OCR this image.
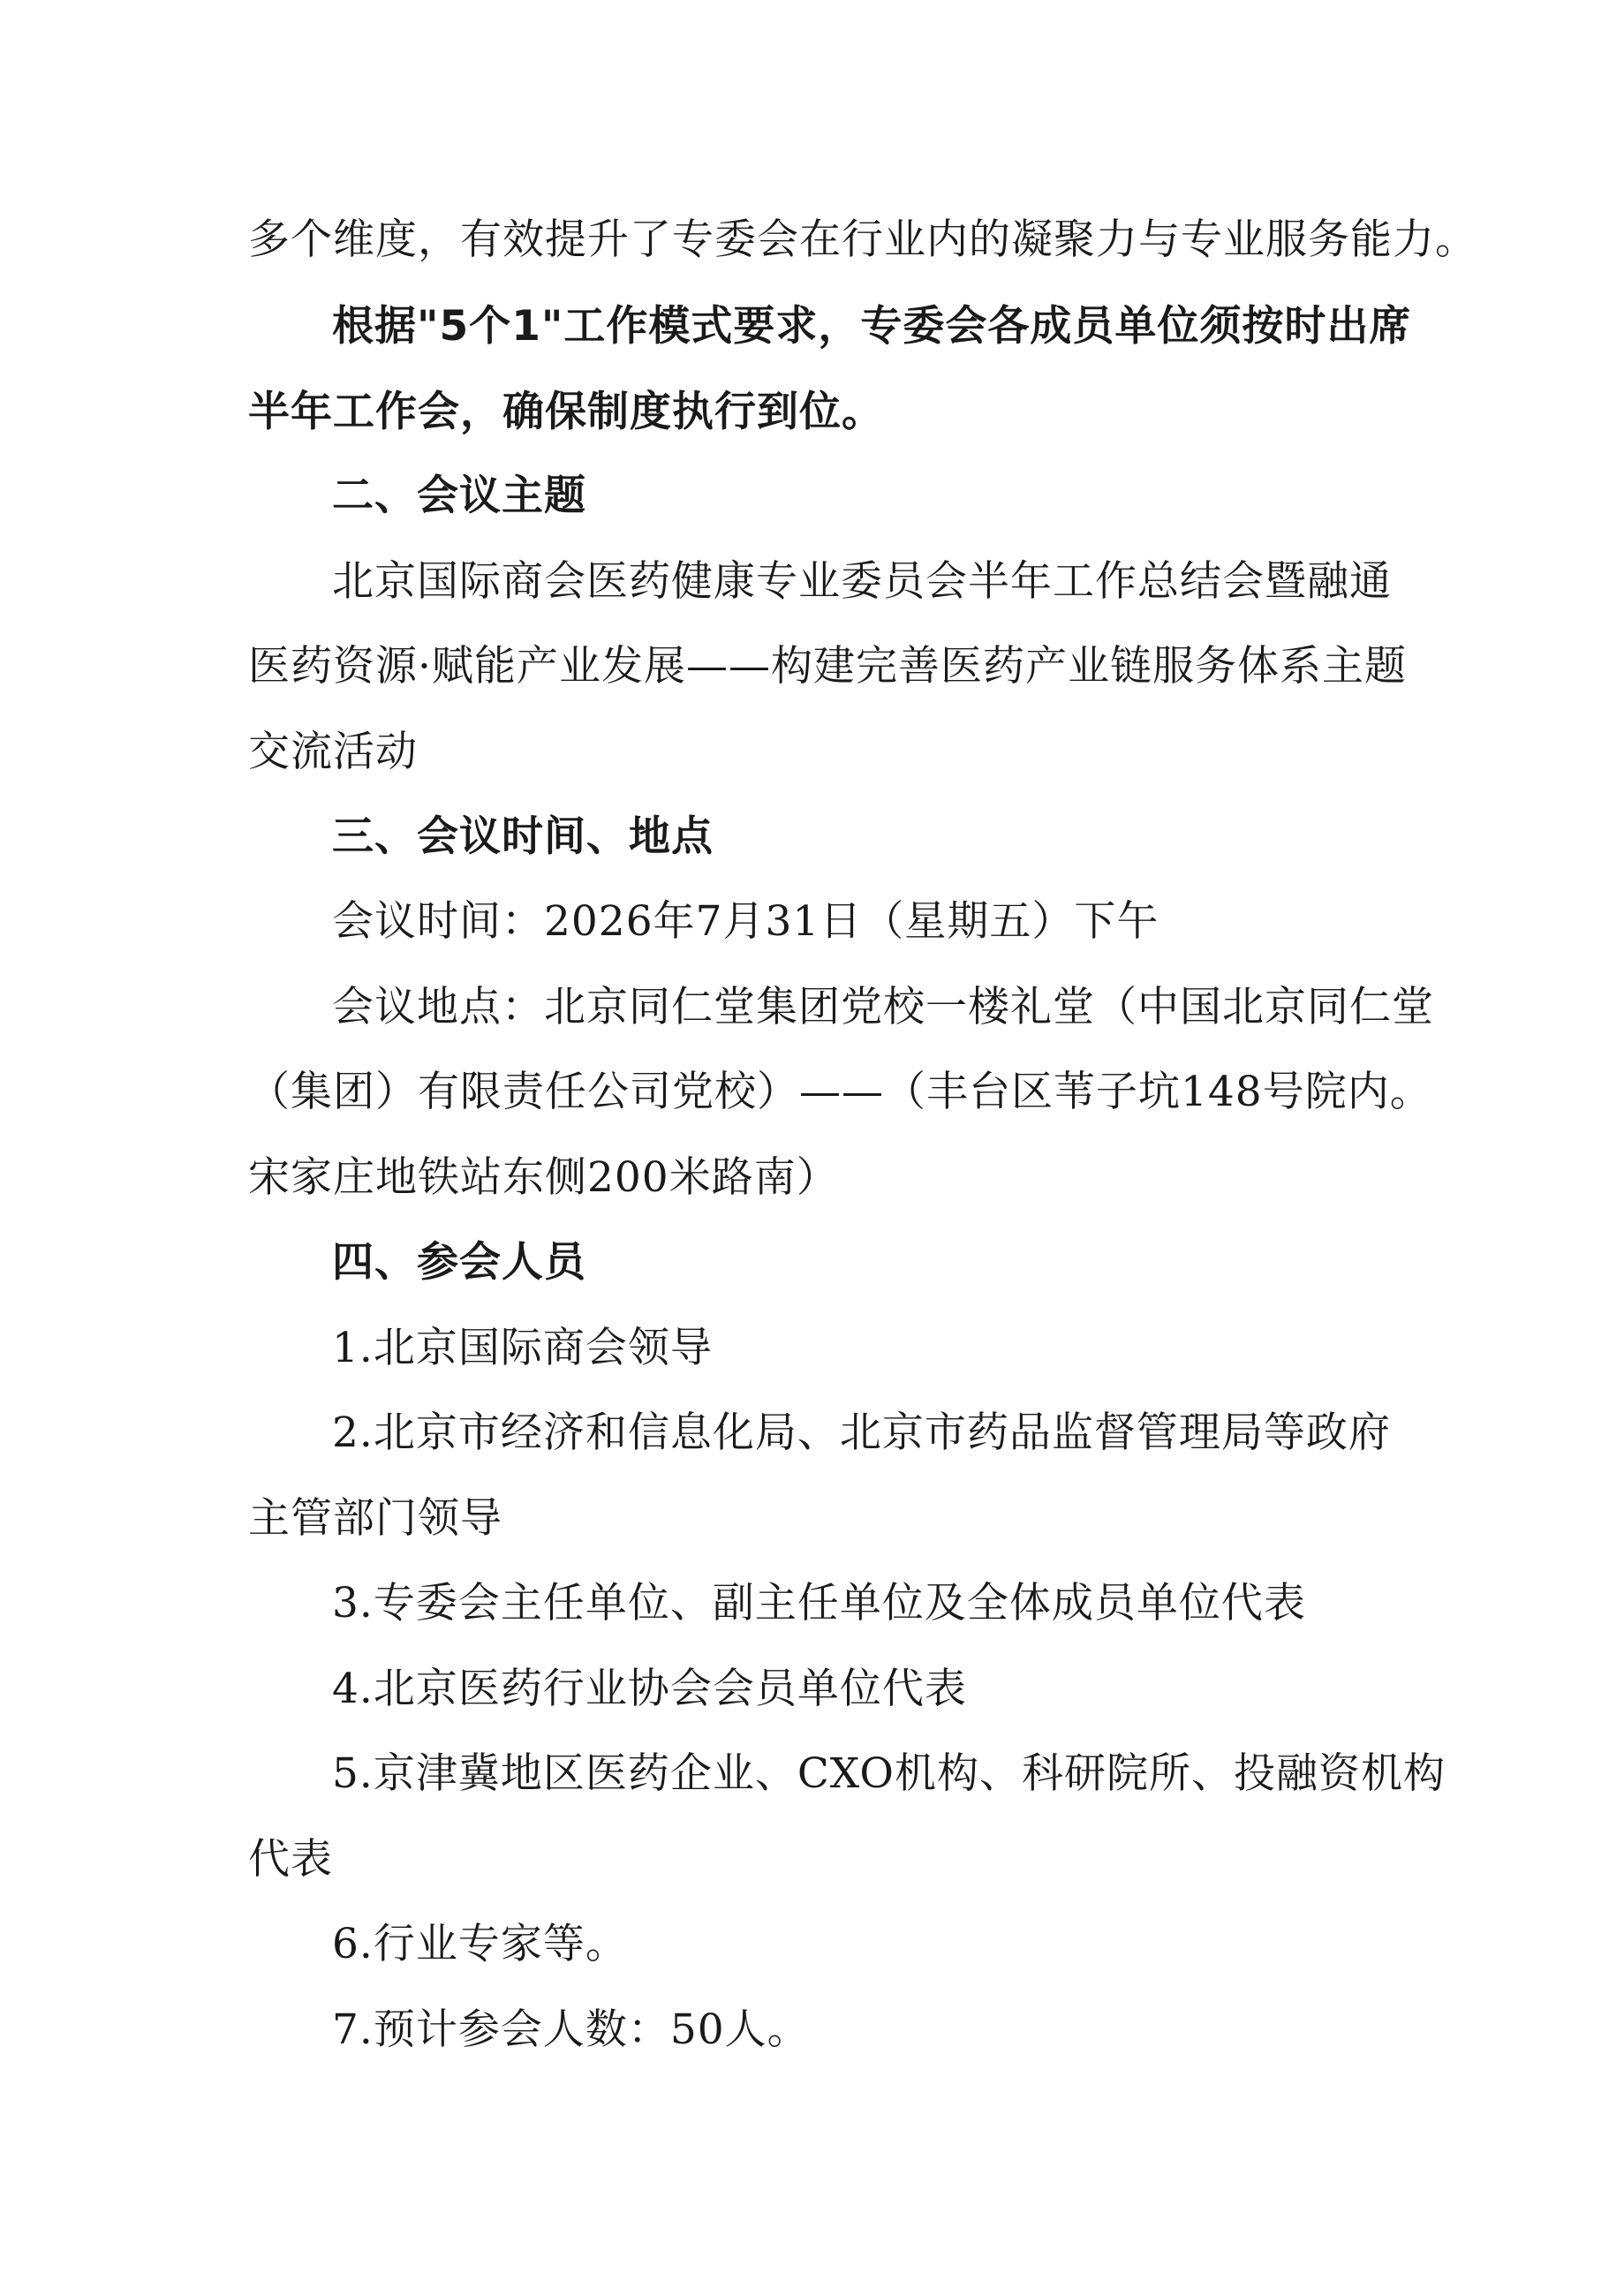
多个维度，有效提升了专委会在行业内的凝聚力与专业服务能力。
根据"5个1"工作模式要求，专委会各成员单位须按时出席
半年工作会，确保制度执行到位。
二、会议主题
北京国际商会医药健康专业委员会半年工作总结会暨融通
医药资源·赋能产业发展——构建完善医药产业链服务体系主题
交流活动
三、会议时间、地点
会议时间：2026年7月31日（星期五）下午
会议地点：北京同仁堂集团党校一楼礼堂（中国北京同仁堂
（集团）有限责任公司党校）——（丰台区苇子坑148号院内。
宋家庄地铁站东侧200米路南）
四、参会人员
1.北京国际商会领导
2.北京市经济和信息化局、北京市药品监督管理局等政府
主管部门领导
3.专委会主任单位、副主任单位及全体成员单位代表
4.北京医药行业协会会员单位代表
5.京津冀地区医药企业、CXO机构、科研院所、投融资机构
代表
6.行业专家等。
7.预计参会人数：50人。
